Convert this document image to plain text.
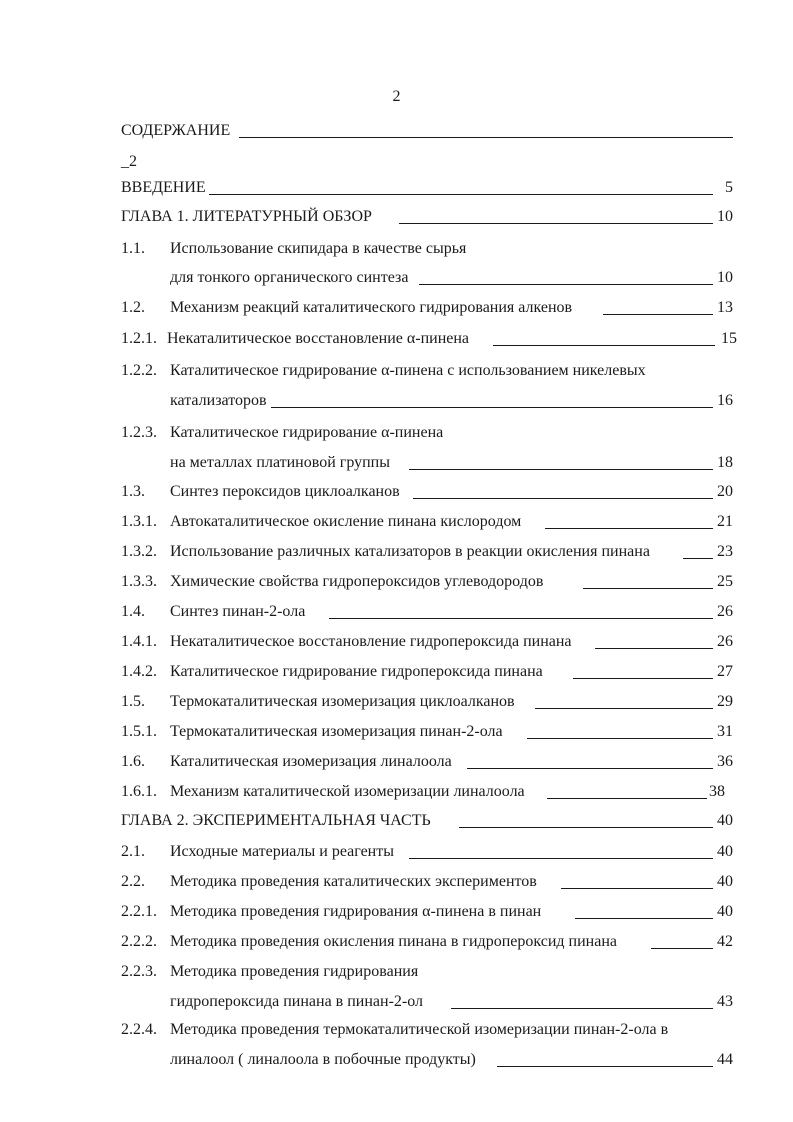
2
СОДЕРЖАНИЕ
_2
ВВЕДЕНИЕ	5
ГЛАВА 1. ЛИТЕРАТУРНЫЙ ОБЗОР	10
1.1. Использование скипидара в качестве сырья
для тонкого органического синтеза	10
1.2. Механизм реакций каталитического гидрирования алкенов	13
1.2.1. Некаталитическое восстановление α-пинена	15
1.2.2. Каталитическое гидрирование α-пинена с использованием никелевых
катализаторов	16
1.2.3. Каталитическое гидрирование α-пинена
на металлах платиновой группы	18
1.3. Синтез пероксидов циклоалканов	20
1.3.1. Автокаталитическое окисление пинана кислородом	21
1.3.2. Использование различных катализаторов в реакции окисления пинана	23
1.3.3. Химические свойства гидропероксидов углеводородов	25
1.4. Синтез пинан-2-ола	26
1.4.1. Некаталитическое восстановление гидропероксида пинана	26
1.4.2. Каталитическое гидрирование гидропероксида пинана	27
1.5. Термокаталитическая изомеризация циклоалканов	29
1.5.1. Термокаталитическая изомеризация пинан-2-ола	31
1.6. Каталитическая изомеризация линалоола	36
1.6.1. Механизм каталитической изомеризации линалоола	38
ГЛАВА 2. ЭКСПЕРИМЕНТАЛЬНАЯ ЧАСТЬ	40
2.1. Исходные материалы и реагенты	40
2.2. Методика проведения каталитических экспериментов	40
2.2.1. Методика проведения гидрирования α-пинена в пинан	40
2.2.2. Методика проведения окисления пинана в гидропероксид пинана	42
2.2.3. Методика проведения гидрирования
гидропероксида пинана в пинан-2-ол	43
2.2.4. Методика проведения термокаталитической изомеризации пинан-2-ола в
линалоол ( линалоола в побочные продукты)	44
